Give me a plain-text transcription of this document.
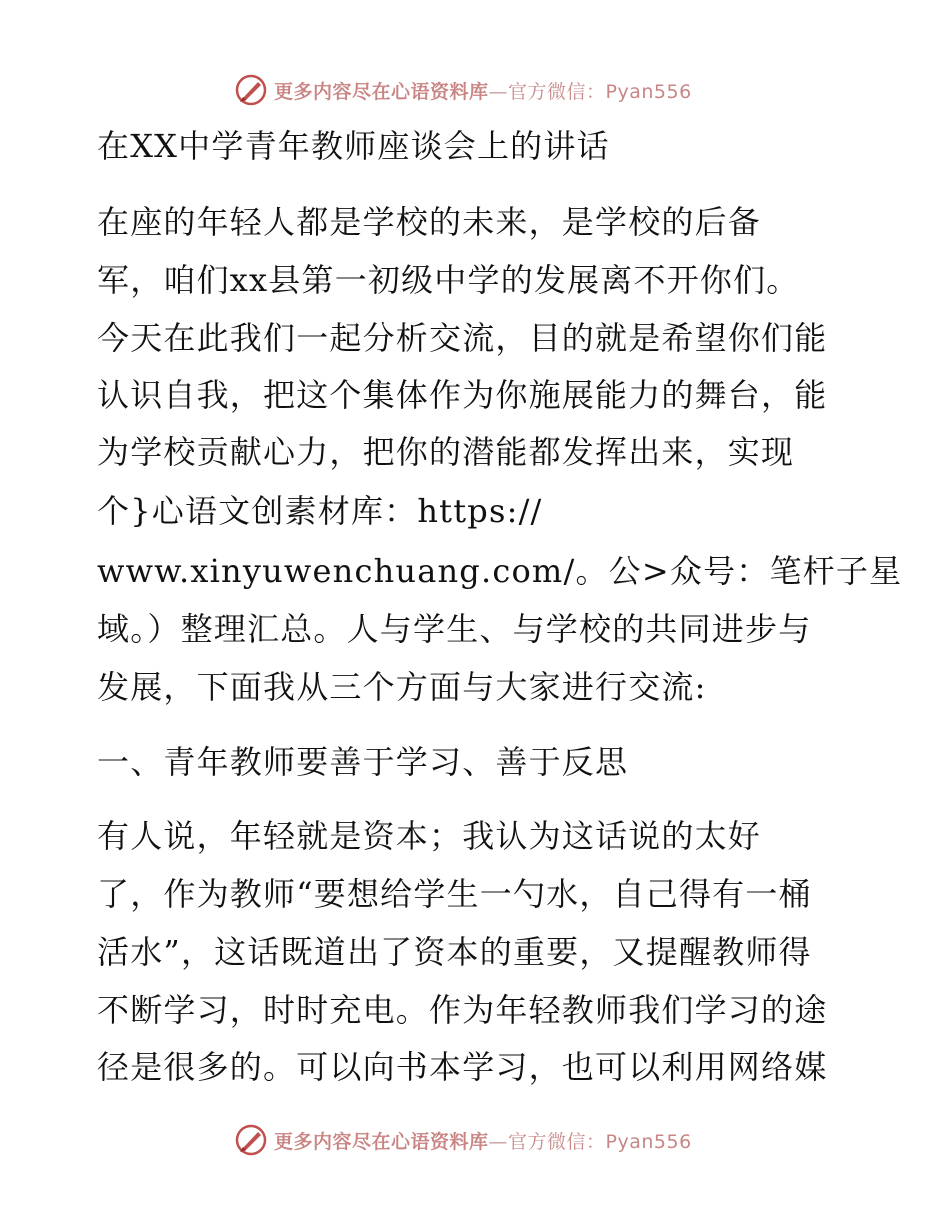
更多内容尽在心语资料库—官方微信：Pyan556
在XX中学青年教师座谈会上的讲话
在座的年轻人都是学校的未来，是学校的后备
军，咱们xx县第一初级中学的发展离不开你们。
今天在此我们一起分析交流，目的就是希望你们能
认识自我，把这个集体作为你施展能力的舞台，能
为学校贡献心力，把你的潜能都发挥出来，实现
个}心语文创素材库：https://
www.xinyuwenchuang.com/。公>众号：笔杆子星
域。）整理汇总。人与学生、与学校的共同进步与
发展，下面我从三个方面与大家进行交流:
一、青年教师要善于学习、善于反思
有人说，年轻就是资本；我认为这话说的太好
了，作为教师“要想给学生一勺水，自己得有一桶
活水”，这话既道出了资本的重要，又提醒教师得
不断学习，时时充电。作为年轻教师我们学习的途
径是很多的。可以向书本学习，也可以利用网络媒
更多内容尽在心语资料库—官方微信：Pyan556
